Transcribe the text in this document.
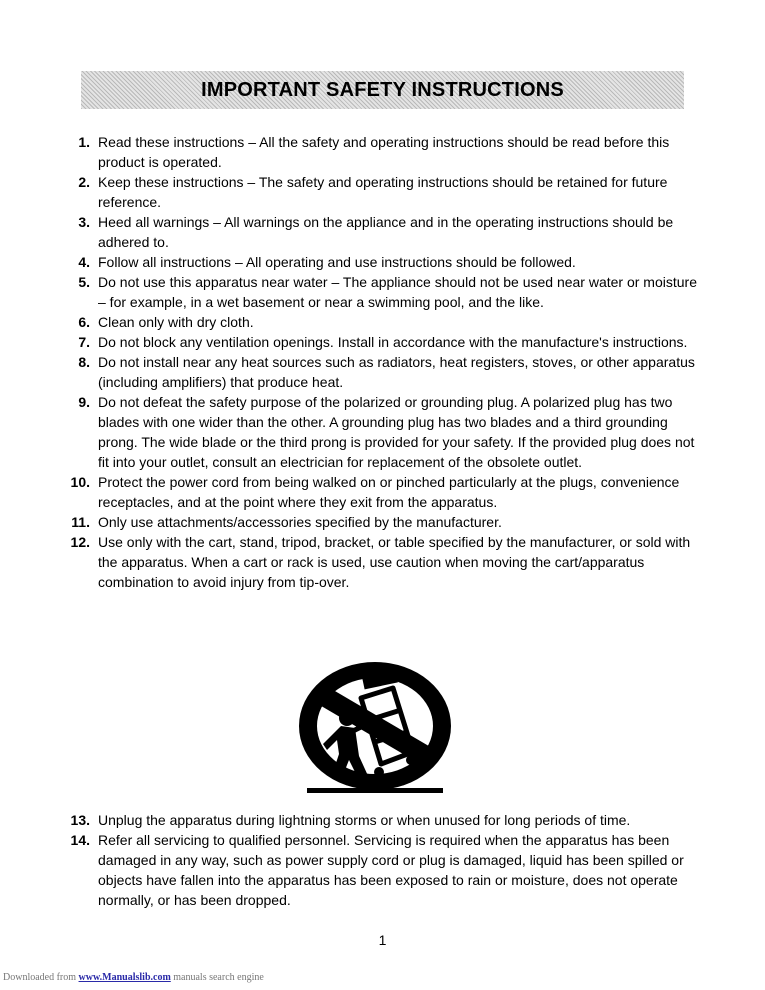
IMPORTANT SAFETY INSTRUCTIONS
1. Read these instructions – All the safety and operating instructions should be read before this product is operated.
2. Keep these instructions – The safety and operating instructions should be retained for future reference.
3. Heed all warnings – All warnings on the appliance and in the operating instructions should be adhered to.
4. Follow all instructions – All operating and use instructions should be followed.
5. Do not use this apparatus near water – The appliance should not be used near water or moisture – for example, in a wet basement or near a swimming pool, and the like.
6. Clean only with dry cloth.
7. Do not block any ventilation openings. Install in accordance with the manufacture's instructions.
8. Do not install near any heat sources such as radiators, heat registers, stoves, or other apparatus (including amplifiers) that produce heat.
9. Do not defeat the safety purpose of the polarized or grounding plug. A polarized plug has two blades with one wider than the other. A grounding plug has two blades and a third grounding prong. The wide blade or the third prong is provided for your safety. If the provided plug does not fit into your outlet, consult an electrician for replacement of the obsolete outlet.
10. Protect the power cord from being walked on or pinched particularly at the plugs, convenience receptacles, and at the point where they exit from the apparatus.
11. Only use attachments/accessories specified by the manufacturer.
12. Use only with the cart, stand, tripod, bracket, or table specified by the manufacturer, or sold with the apparatus. When a cart or rack is used, use caution when moving the cart/apparatus combination to avoid injury from tip-over.
13. Unplug the apparatus during lightning storms or when unused for long periods of time.
14. Refer all servicing to qualified personnel. Servicing is required when the apparatus has been damaged in any way, such as power supply cord or plug is damaged, liquid has been spilled or objects have fallen into the apparatus has been exposed to rain or moisture, does not operate normally, or has been dropped.
1
Downloaded from www.Manualslib.com manuals search engine
